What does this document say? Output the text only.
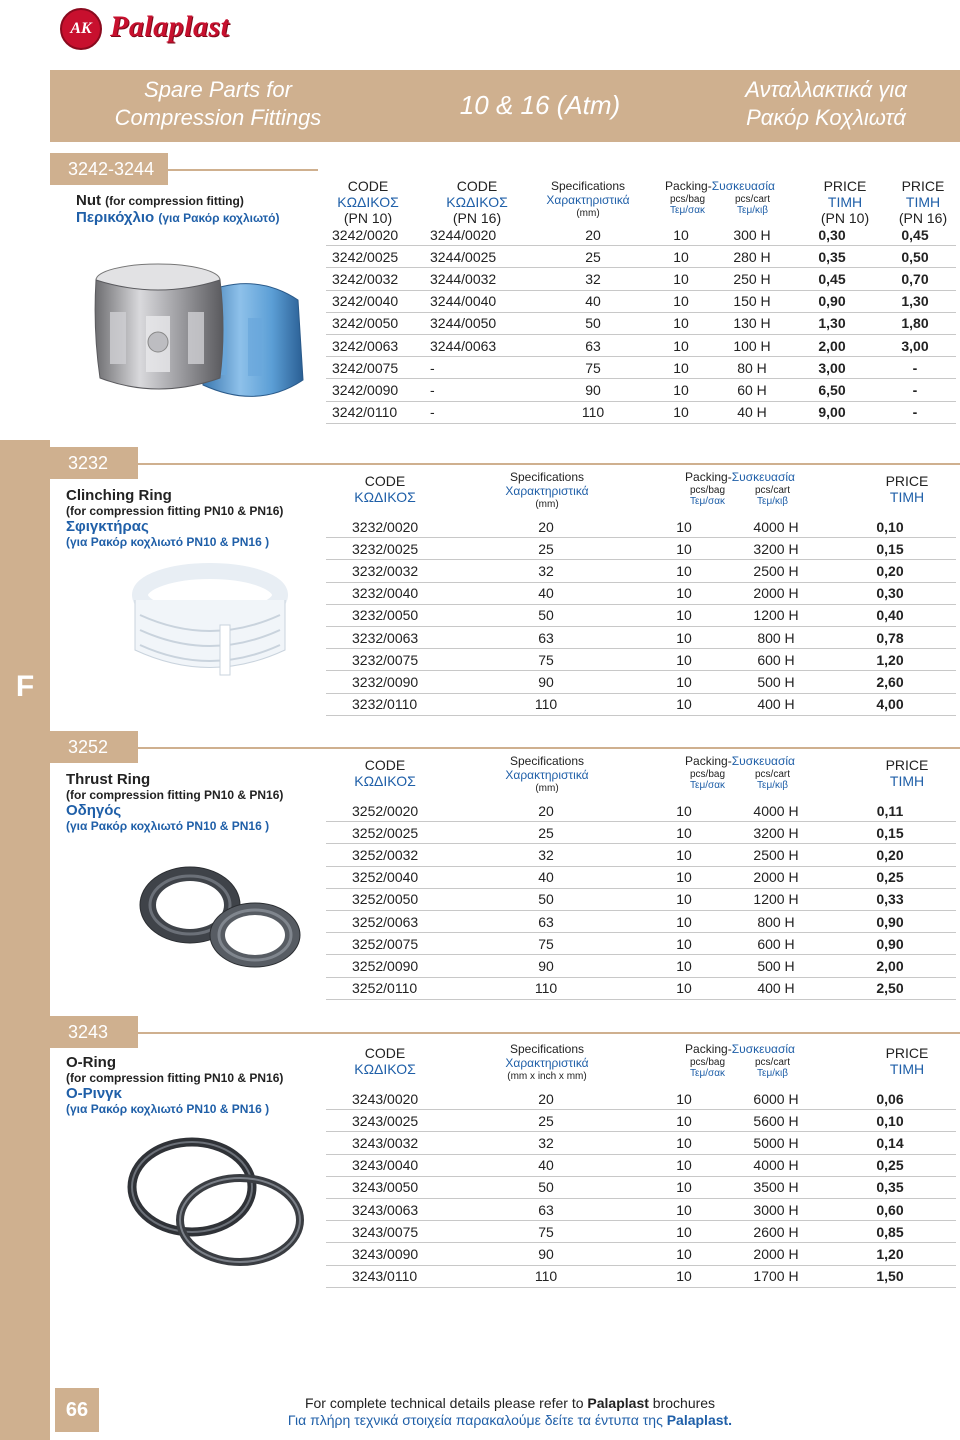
AK Palaplast
Spare Parts for
Compression Fittings	10 & 16 (Atm)
Ανταλλακτικά για
Ρακόρ Κοχλιωτά
F
3242-3244
Nut (for compression fitting)
Περικόχλιο (για Ρακόρ κοχλιωτό)
CODE
ΚΩΔΙΚΟΣ
(PN 10)
CODE
ΚΩΔΙΚΟΣ
(PN 16)
Specifications
Χαρακτηριστικά
(mm)
Packing-Συσκευασία
pcs/bag
Τεμ/σακ
pcs/cart
Τεμ/κιβ
PRICE
ΤΙΜΗ
(PN 10)
PRICE
ΤΙΜΗ
(PN 16)
3242/0020	3244/0020	20	10	300 H	0,30	0,45
3242/0025	3244/0025	25	10	280 H	0,35	0,50
3242/0032	3244/0032	32	10	250 H	0,45	0,70
3242/0040	3244/0040	40	10	150 H	0,90	1,30
3242/0050	3244/0050	50	10	130 H	1,30	1,80
3242/0063	3244/0063	63	10	100 H	2,00	3,00
3242/0075	-	75	10	80 H	3,00	-
3242/0090	-	90	10	60 H	6,50	-
3242/0110	-	110	10	40 H	9,00	-
3232
Clinching Ring
(for compression fitting PN10 & PN16)
Σφιγκτήρας
(για Ρακόρ κοχλιωτό PN10 & PN16 )
CODE
ΚΩΔΙΚΟΣ
Specifications
Χαρακτηριστικά
(mm)
Packing-Συσκευασία
pcs/bag
Τεμ/σακ
pcs/cart
Τεμ/κιβ
PRICE
ΤΙΜΗ
3232/0020	20	10	4000 H	0,10
3232/0025	25	10	3200 H	0,15
3232/0032	32	10	2500 H	0,20
3232/0040	40	10	2000 H	0,30
3232/0050	50	10	1200 H	0,40
3232/0063	63	10	800 H	0,78
3232/0075	75	10	600 H	1,20
3232/0090	90	10	500 H	2,60
3232/0110	110	10	400 H	4,00
3252
Thrust Ring
(for compression fitting PN10 & PN16)
Οδηγός
(για Ρακόρ κοχλιωτό PN10 & PN16 )
CODE
ΚΩΔΙΚΟΣ
Specifications
Χαρακτηριστικά
(mm)
Packing-Συσκευασία
pcs/bag
Τεμ/σακ
pcs/cart
Τεμ/κιβ
PRICE
ΤΙΜΗ
3252/0020	20	10	4000 H	0,11
3252/0025	25	10	3200 H	0,15
3252/0032	32	10	2500 H	0,20
3252/0040	40	10	2000 H	0,25
3252/0050	50	10	1200 H	0,33
3252/0063	63	10	800 H	0,90
3252/0075	75	10	600 H	0,90
3252/0090	90	10	500 H	2,00
3252/0110	110	10	400 H	2,50
3243
O-Ring
(for compression fitting PN10 & PN16)
Ο-Ρινγκ
(για Ρακόρ κοχλιωτό PN10 & PN16 )
CODE
ΚΩΔΙΚΟΣ
Specifications
Χαρακτηριστικά
(mm x inch x mm)
Packing-Συσκευασία
pcs/bag
Τεμ/σακ
pcs/cart
Τεμ/κιβ
PRICE
ΤΙΜΗ
3243/0020	20	10	6000 H	0,06
3243/0025	25	10	5600 H	0,10
3243/0032	32	10	5000 H	0,14
3243/0040	40	10	4000 H	0,25
3243/0050	50	10	3500 H	0,35
3243/0063	63	10	3000 H	0,60
3243/0075	75	10	2600 H	0,85
3243/0090	90	10	2000 H	1,20
3243/0110	110	10	1700 H	1,50
66	For complete technical details please refer to Palaplast brochures
Για πλήρη τεχνικά στοιχεία παρακαλούμε δείτε τα έντυπα της Palaplast.
